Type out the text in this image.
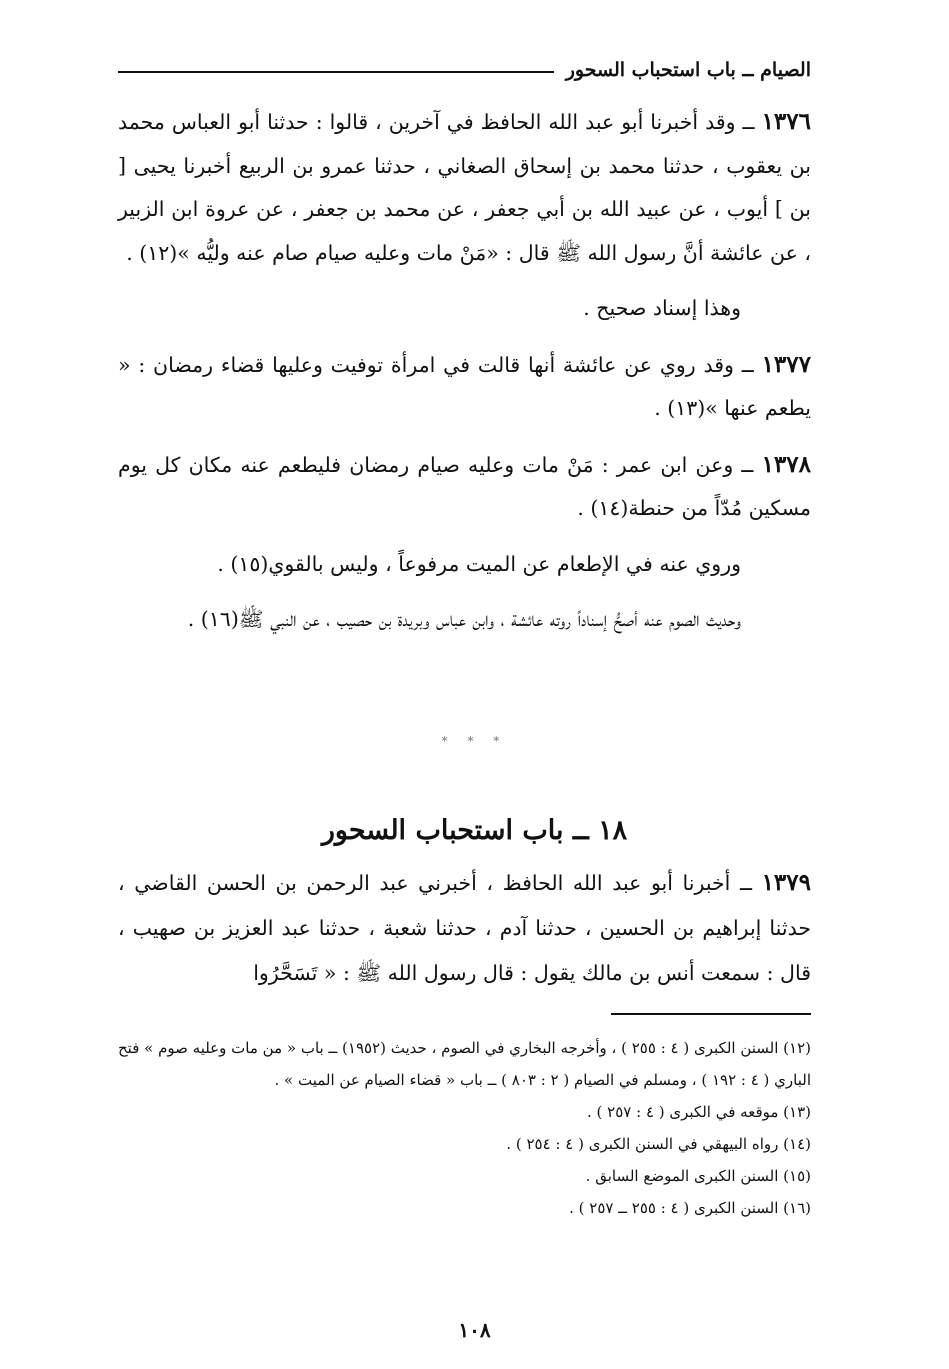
الصيام ــ باب استحباب السحور

١٣٧٦ ــ وقد أخبرنا أبو عبد الله الحافظ في آخرين ، قالوا : حدثنا أبو العباس محمد بن يعقوب ، حدثنا محمد بن إسحاق الصغاني ، حدثنا عمرو بن الربيع أخبرنا يحيى [ بن ] أيوب ، عن عبيد الله بن أبي جعفر ، عن محمد بن جعفر ، عن عروة ابن الزبير ، عن عائشة أنَّ رسول الله ﷺ قال : «مَنْ مات وعليه صيام صام عنه وليُّه »(١٢) .

وهذا إسناد صحيح .

١٣٧٧ ــ وقد روي عن عائشة أنها قالت في امرأة توفيت وعليها قضاء رمضان : « يطعم عنها »(١٣) .

١٣٧٨ ــ وعن ابن عمر : مَنْ مات وعليه صيام رمضان فليطعم عنه مكان كل يوم مسكين مُدّاً من حنطة(١٤) .

وروي عنه في الإطعام عن الميت مرفوعاً ، وليس بالقوي(١٥) .

وحديث الصوم عنه أصحُّ إسناداً روته عائشة ، وابن عباس وبريدة بن حصيب ، عن النبي ﷺ(١٦) .

* * *
١٨ ــ باب استحباب السحور

١٣٧٩ ــ أخبرنا أبو عبد الله الحافظ ، أخبرني عبد الرحمن بن الحسن القاضي ، حدثنا إبراهيم بن الحسين ، حدثنا آدم ، حدثنا شعبة ، حدثنا عبد العزيز بن صهيب ، قال : سمعت أنس بن مالك يقول : قال رسول الله ﷺ : « تَسَحَّرُوا

(١٢) السنن الكبرى ( ٤ : ٢٥٥ ) ، وأخرجه البخاري في الصوم ، حديث (١٩٥٢) ــ باب « من مات وعليه صوم » فتح الباري ( ٤ : ١٩٢ ) ، ومسلم في الصيام ( ٢ : ٨٠٣ ) ــ باب « قضاء الصيام عن الميت » .

(١٣) موقعه في الكبرى ( ٤ : ٢٥٧ ) .

(١٤) رواه البيهقي في السنن الكبرى ( ٤ : ٢٥٤ ) .

(١٥) السنن الكبرى الموضع السابق .

(١٦) السنن الكبرى ( ٤ : ٢٥٥ ــ ٢٥٧ ) .

١٠٨
